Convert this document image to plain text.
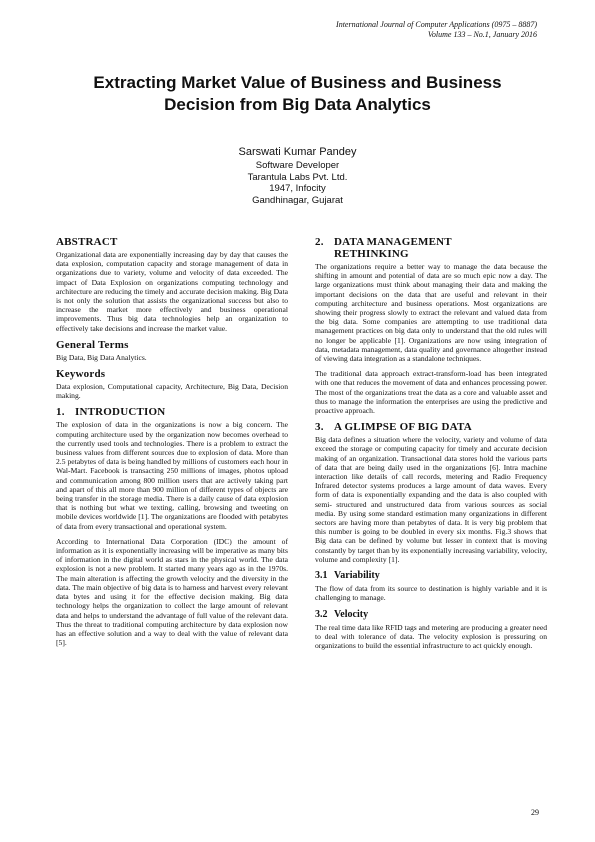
International Journal of Computer Applications (0975 – 8887)
Volume 133 – No.1, January 2016
Extracting Market Value of Business and Business
Decision from Big Data Analytics
Sarswati Kumar Pandey
Software Developer
Tarantula Labs Pvt. Ltd.
1947, Infocity
Gandhinagar, Gujarat
ABSTRACT

Organizational data are exponentially increasing day by day that causes the data explosion, computation capacity and storage management of data in organizations due to variety, volume and velocity of data exceeded. The impact of Data Explosion on organizations computing technology and architecture are reducing the timely and accurate decision making. Big Data is not only the solution that assists the organizational success but also to increase the market more effectively and business operational improvements. Thus big data technologies help an organization to effectively take decisions and increase the market value.

General Terms

Big Data, Big Data Analytics.

Keywords

Data explosion, Computational capacity, Architecture, Big Data, Decision making.

1. INTRODUCTION

The explosion of data in the organizations is now a big concern. The computing architecture used by the organization now becomes overhead to the currently used tools and technologies. There is a problem to extract the business values from different sources due to explosion of data. More than 2.5 petabytes of data is being handled by millions of customers each hour in Wal-Mart. Facebook is transacting 250 millions of images, photos upload and communication among 800 million users that are actively taking part and apart of this all more than 900 million of different types of objects are being transfer in the storage media. There is a daily cause of data explosion that is nothing but what we texting, calling, browsing and tweeting on mobile devices worldwide [1]. The organizations are flooded with petabytes of data from every transactional and operational system.

According to International Data Corporation (IDC) the amount of information as it is exponentially increasing will be imperative as many bits of information in the digital world as stars in the physical world. The data explosion is not a new problem. It started many years ago as in the 1970s. The main alteration is affecting the growth velocity and the diversity in the data. The main objective of big data is to harness and harvest every relevant data bytes and using it for the effective decision making. Big data technology helps the organization to collect the large amount of relevant data and helps to understand the advantage of full value of the relevant data. Thus the threat to traditional computing architecture by data explosion now has an effective solution and a way to deal with the value of relevant data [5].

2. DATA MANAGEMENT
RETHINKING

The organizations require a better way to manage the data because the shifting in amount and potential of data are so much epic now a day. The large organizations must think about managing their data and making the important decisions on the data that are useful and relevant in their computing architecture and business operations. Most organizations are showing their progress slowly to extract the relevant and valued data from the big data. Some companies are attempting to use traditional data management practices on big data only to understand that the old rules will no longer be applicable [1]. Organizations are now using integration of data, metadata management, data quality and governance altogether instead of viewing data integration as a standalone techniques.

The traditional data approach extract-transform-load has been integrated with one that reduces the movement of data and enhances processing power. The most of the organizations treat the data as a core and valuable asset and thus to manage the information the enterprises are using the predictive and proactive approach.

3. A GLIMPSE OF BIG DATA

Big data defines a situation where the velocity, variety and volume of data exceed the storage or computing capacity for timely and accurate decision making of an organization. Transactional data stores hold the various parts of data that are being daily used in the organizations [6]. Intra machine interaction like details of call records, metering and Radio Frequency Infrared detector systems produces a large amount of data waves. Every form of data is exponentially expanding and the data is also coupled with semi- structured and unstructured data from various sources as social media. By using some standard estimation many organizations in different sectors are having more than petabytes of data. It is very big problem that this number is going to be doubled in every six months. Fig.3 shows that Big data can be defined by volume but lesser in context that is moving constantly by target than by its exponentially increasing variability, velocity, volume and complexity [1].

3.1 Variability

The flow of data from its source to destination is highly variable and it is challenging to manage.

3.2 Velocity

The real time data like RFID tags and metering are producing a greater need to deal with tolerance of data. The velocity explosion is pressuring on organizations to build the essential infrastructure to act quickly enough.

29
